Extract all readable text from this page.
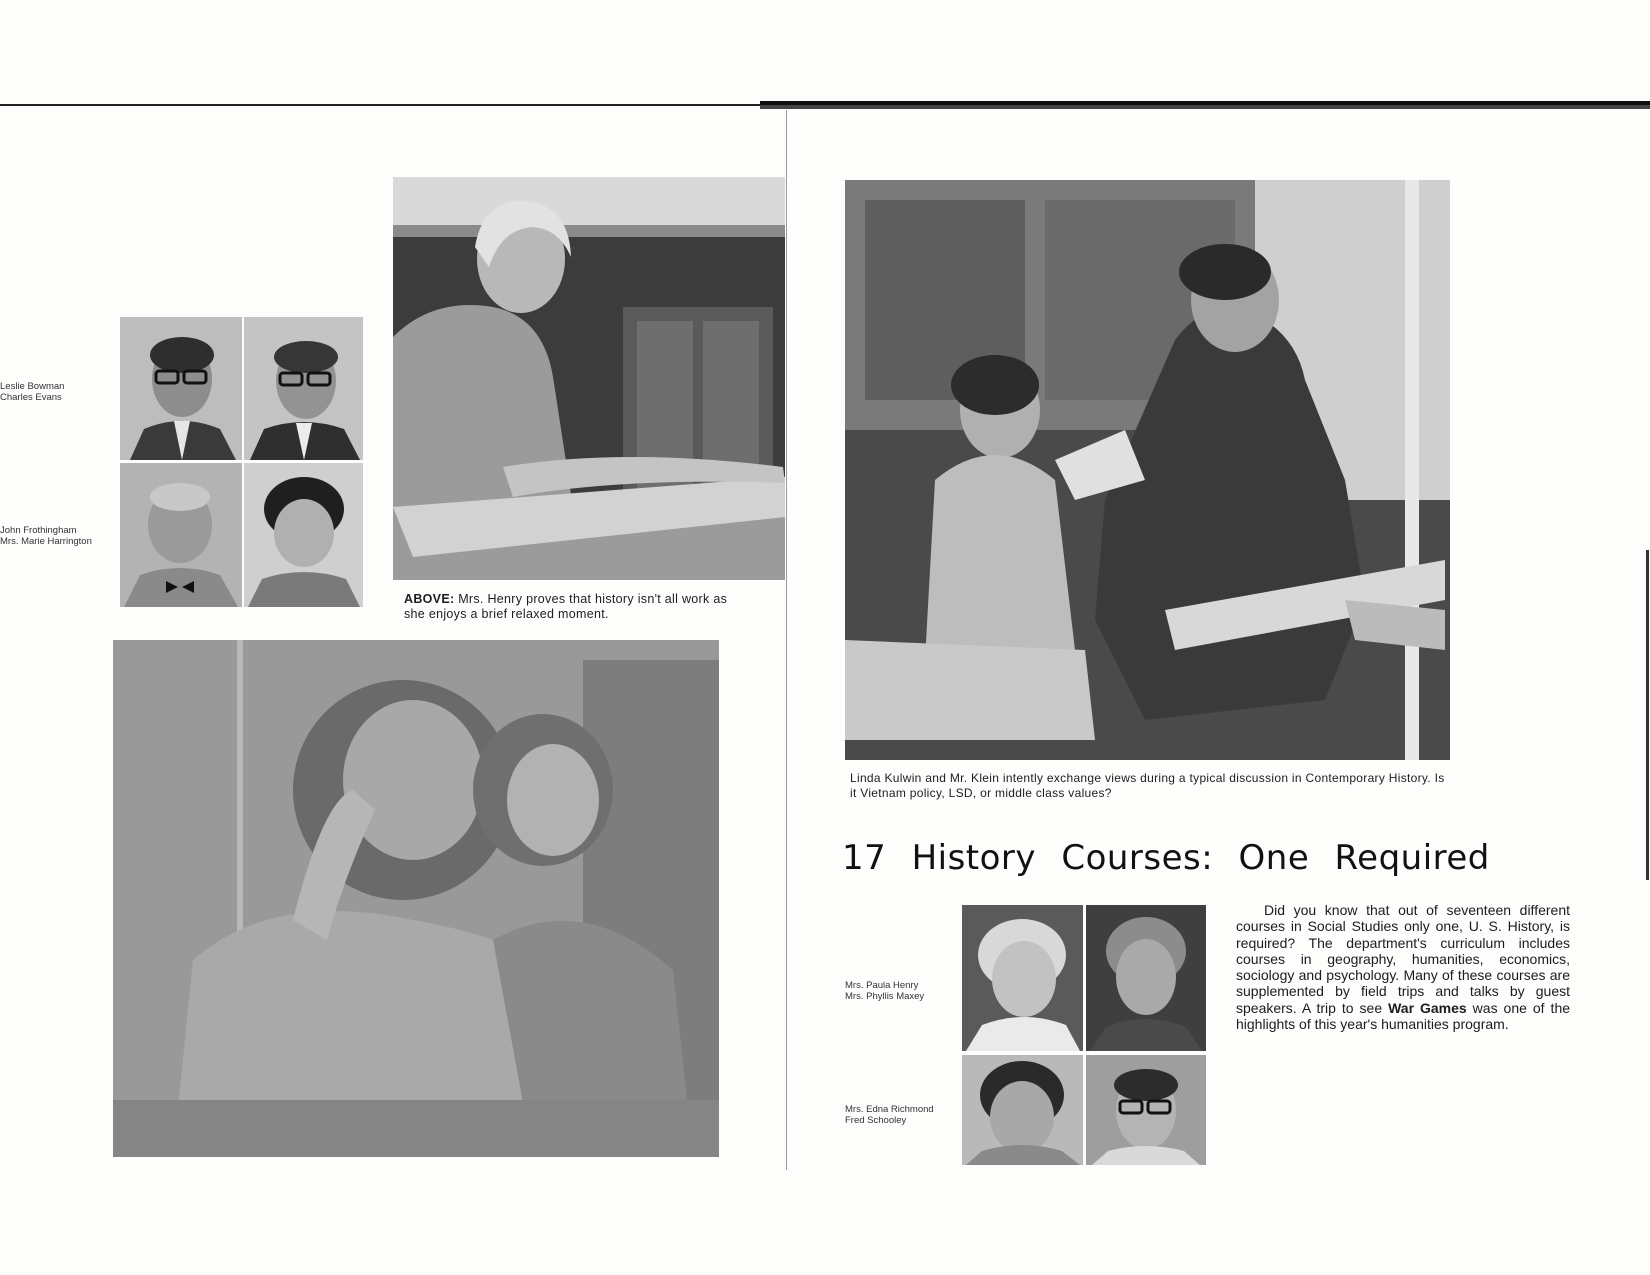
Leslie Bowman
Charles Evans
John Frothingham
Mrs. Marie Harrington
ABOVE: Mrs. Henry proves that history isn't all work as she enjoys a brief relaxed moment.
Linda Kulwin and Mr. Klein intently exchange views during a typical discussion in Contemporary History. Is it Vietnam policy, LSD, or middle class values?
17 History Courses: One Required
Mrs. Paula Henry
Mrs. Phyllis Maxey
Mrs. Edna Richmond
Fred Schooley

Did you know that out of seventeen different courses in Social Studies only one, U. S. History, is required? The department's curriculum includes courses in geography, humanities, economics, sociology and psychology. Many of these courses are supplemented by field trips and talks by guest speakers. A trip to see War Games was one of the highlights of this year's humanities program.
